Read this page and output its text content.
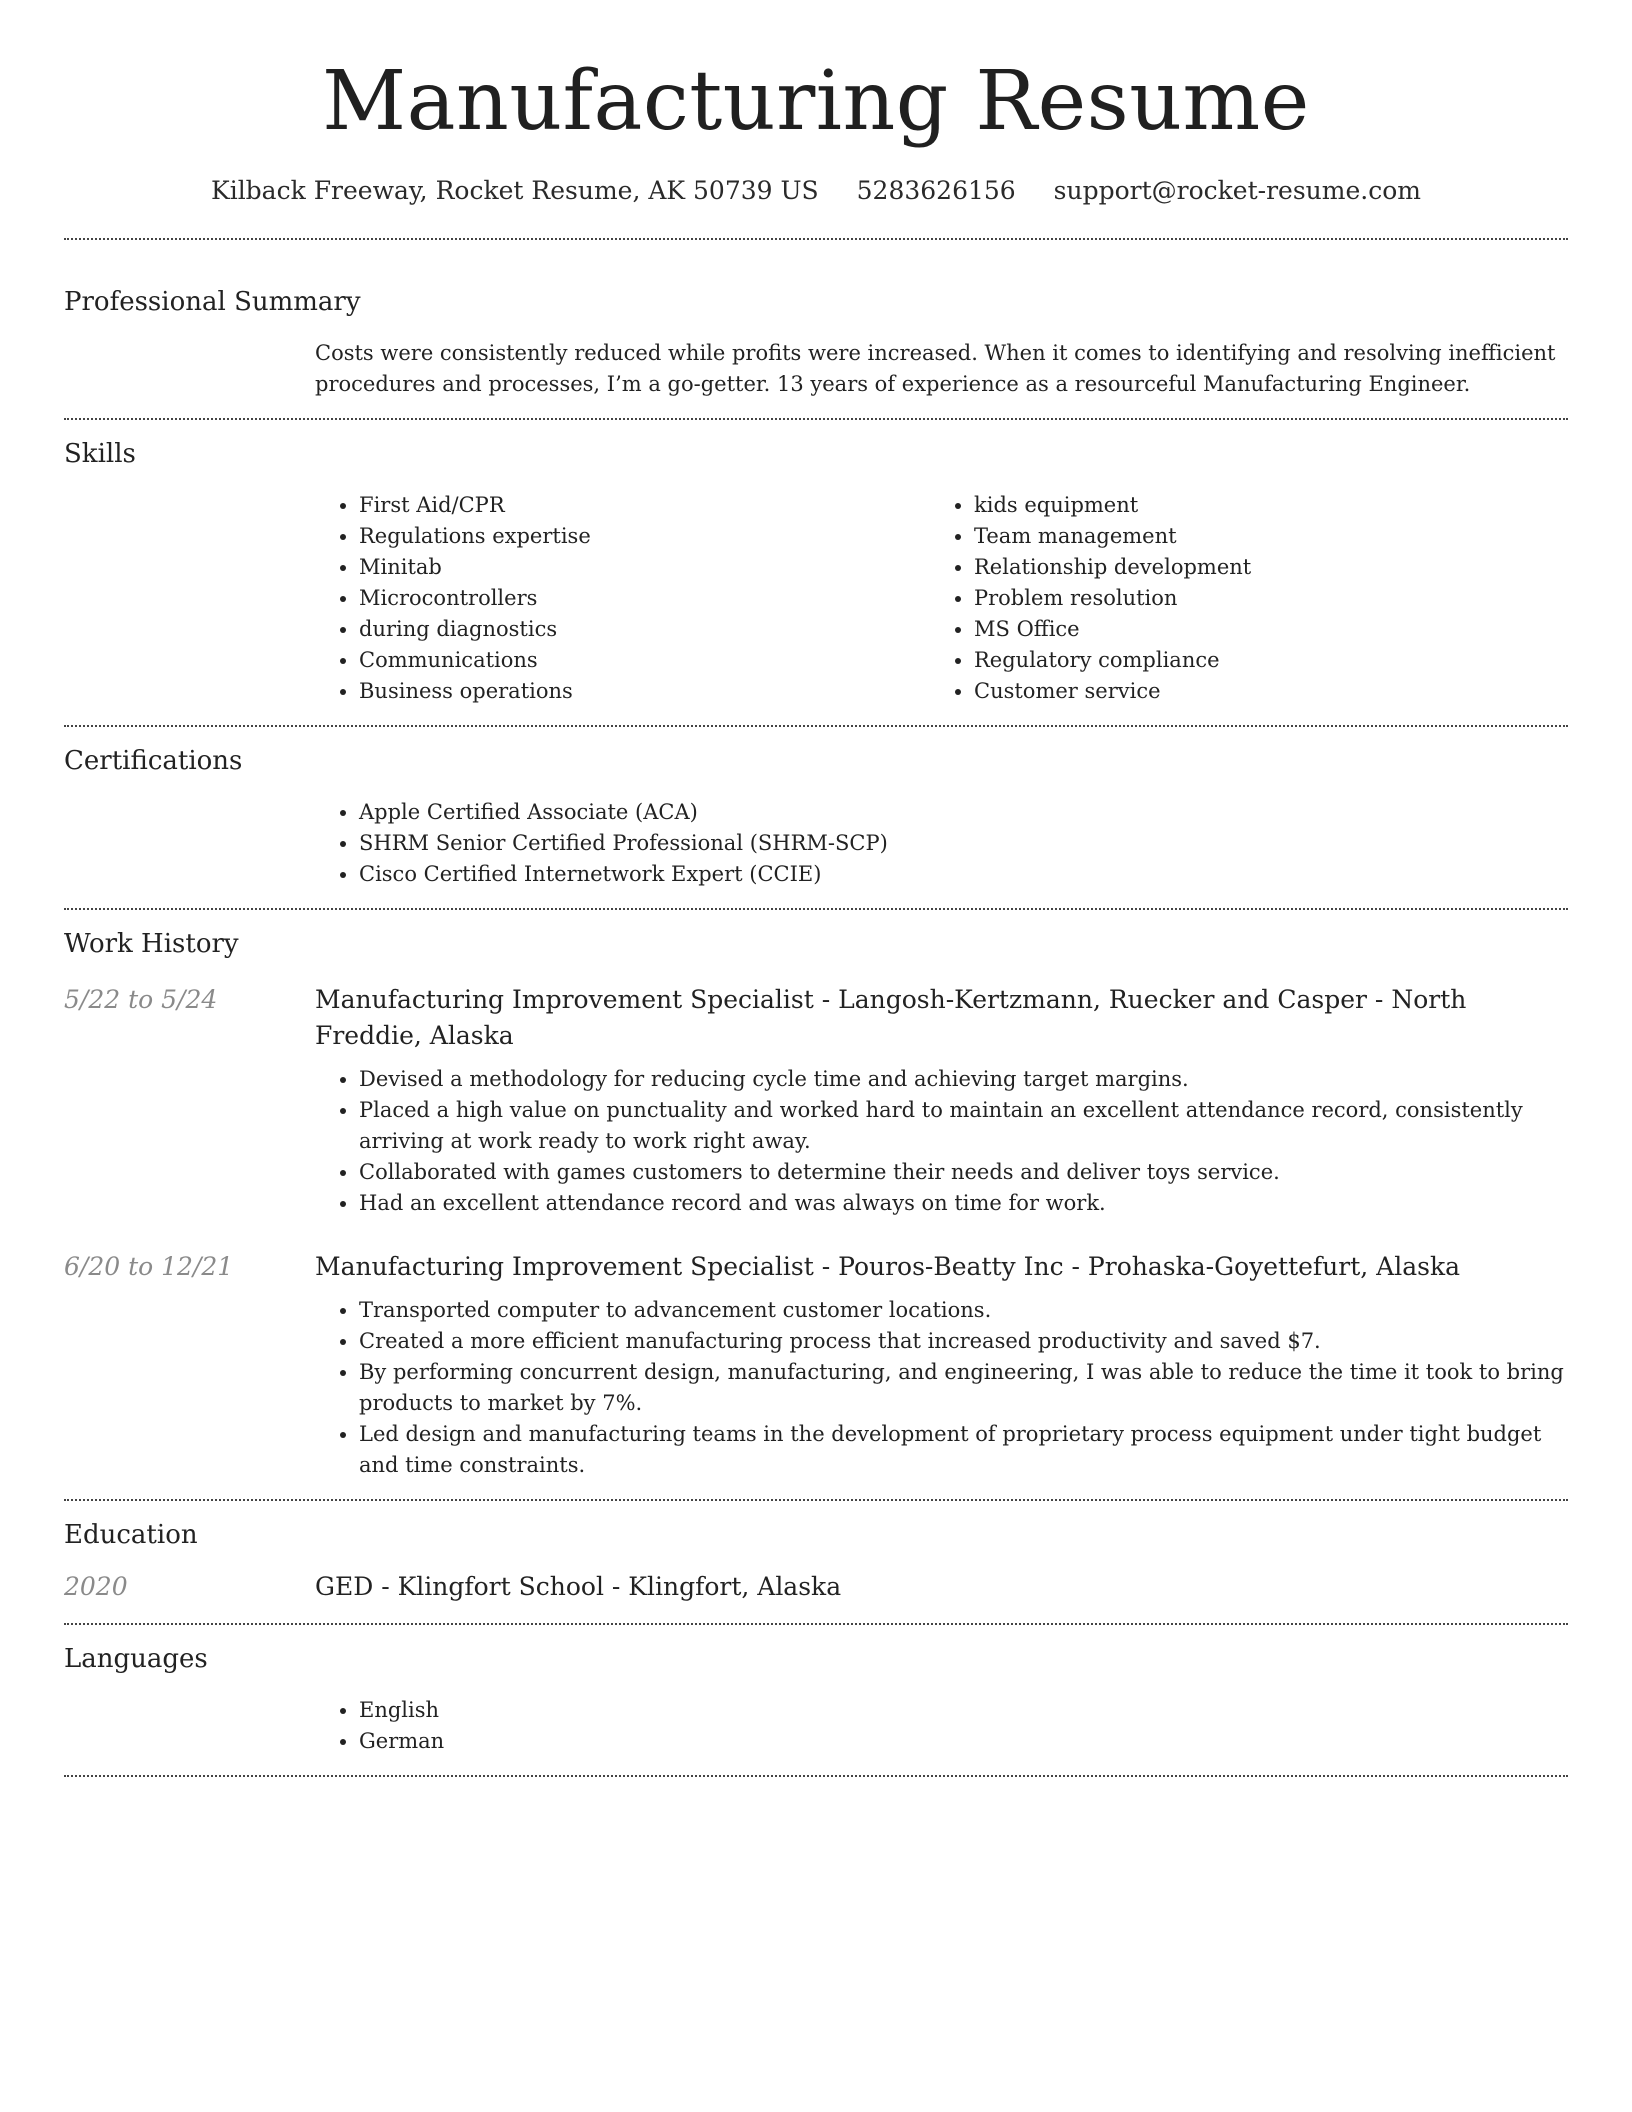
Manufacturing Resume
Kilback Freeway, Rocket Resume, AK 50739 US 5283626156 support@rocket-resume.com
Professional Summary

Costs were consistently reduced while profits were increased. When it comes to identifying and resolving inefficient procedures and processes, I’m a go-getter. 13 years of experience as a resourceful Manufacturing Engineer.

Skills
• First Aid/CPR
• Regulations expertise
• Minitab
• Microcontrollers
• during diagnostics
• Communications
• Business operations
• kids equipment
• Team management
• Relationship development
• Problem resolution
• MS Office
• Regulatory compliance
• Customer service
Certifications
• Apple Certified Associate (ACA)
• SHRM Senior Certified Professional (SHRM-SCP)
• Cisco Certified Internetwork Expert (CCIE)
Work History
5/22 to 5/24	Manufacturing Improvement Specialist - Langosh-Kertzmann, Ruecker and Casper - North Freddie, Alaska
• Devised a methodology for reducing cycle time and achieving target margins.
• Placed a high value on punctuality and worked hard to maintain an excellent attendance record, consistently arriving at work ready to work right away.
• Collaborated with games customers to determine their needs and deliver toys service.
• Had an excellent attendance record and was always on time for work.
6/20 to 12/21	Manufacturing Improvement Specialist - Pouros-Beatty Inc - Prohaska-Goyettefurt, Alaska
• Transported computer to advancement customer locations.
• Created a more efficient manufacturing process that increased productivity and saved $7.
• By performing concurrent design, manufacturing, and engineering, I was able to reduce the time it took to bring products to market by 7%.
• Led design and manufacturing teams in the development of proprietary process equipment under tight budget and time constraints.
Education
2020	GED - Klingfort School - Klingfort, Alaska
Languages
• English
• German
